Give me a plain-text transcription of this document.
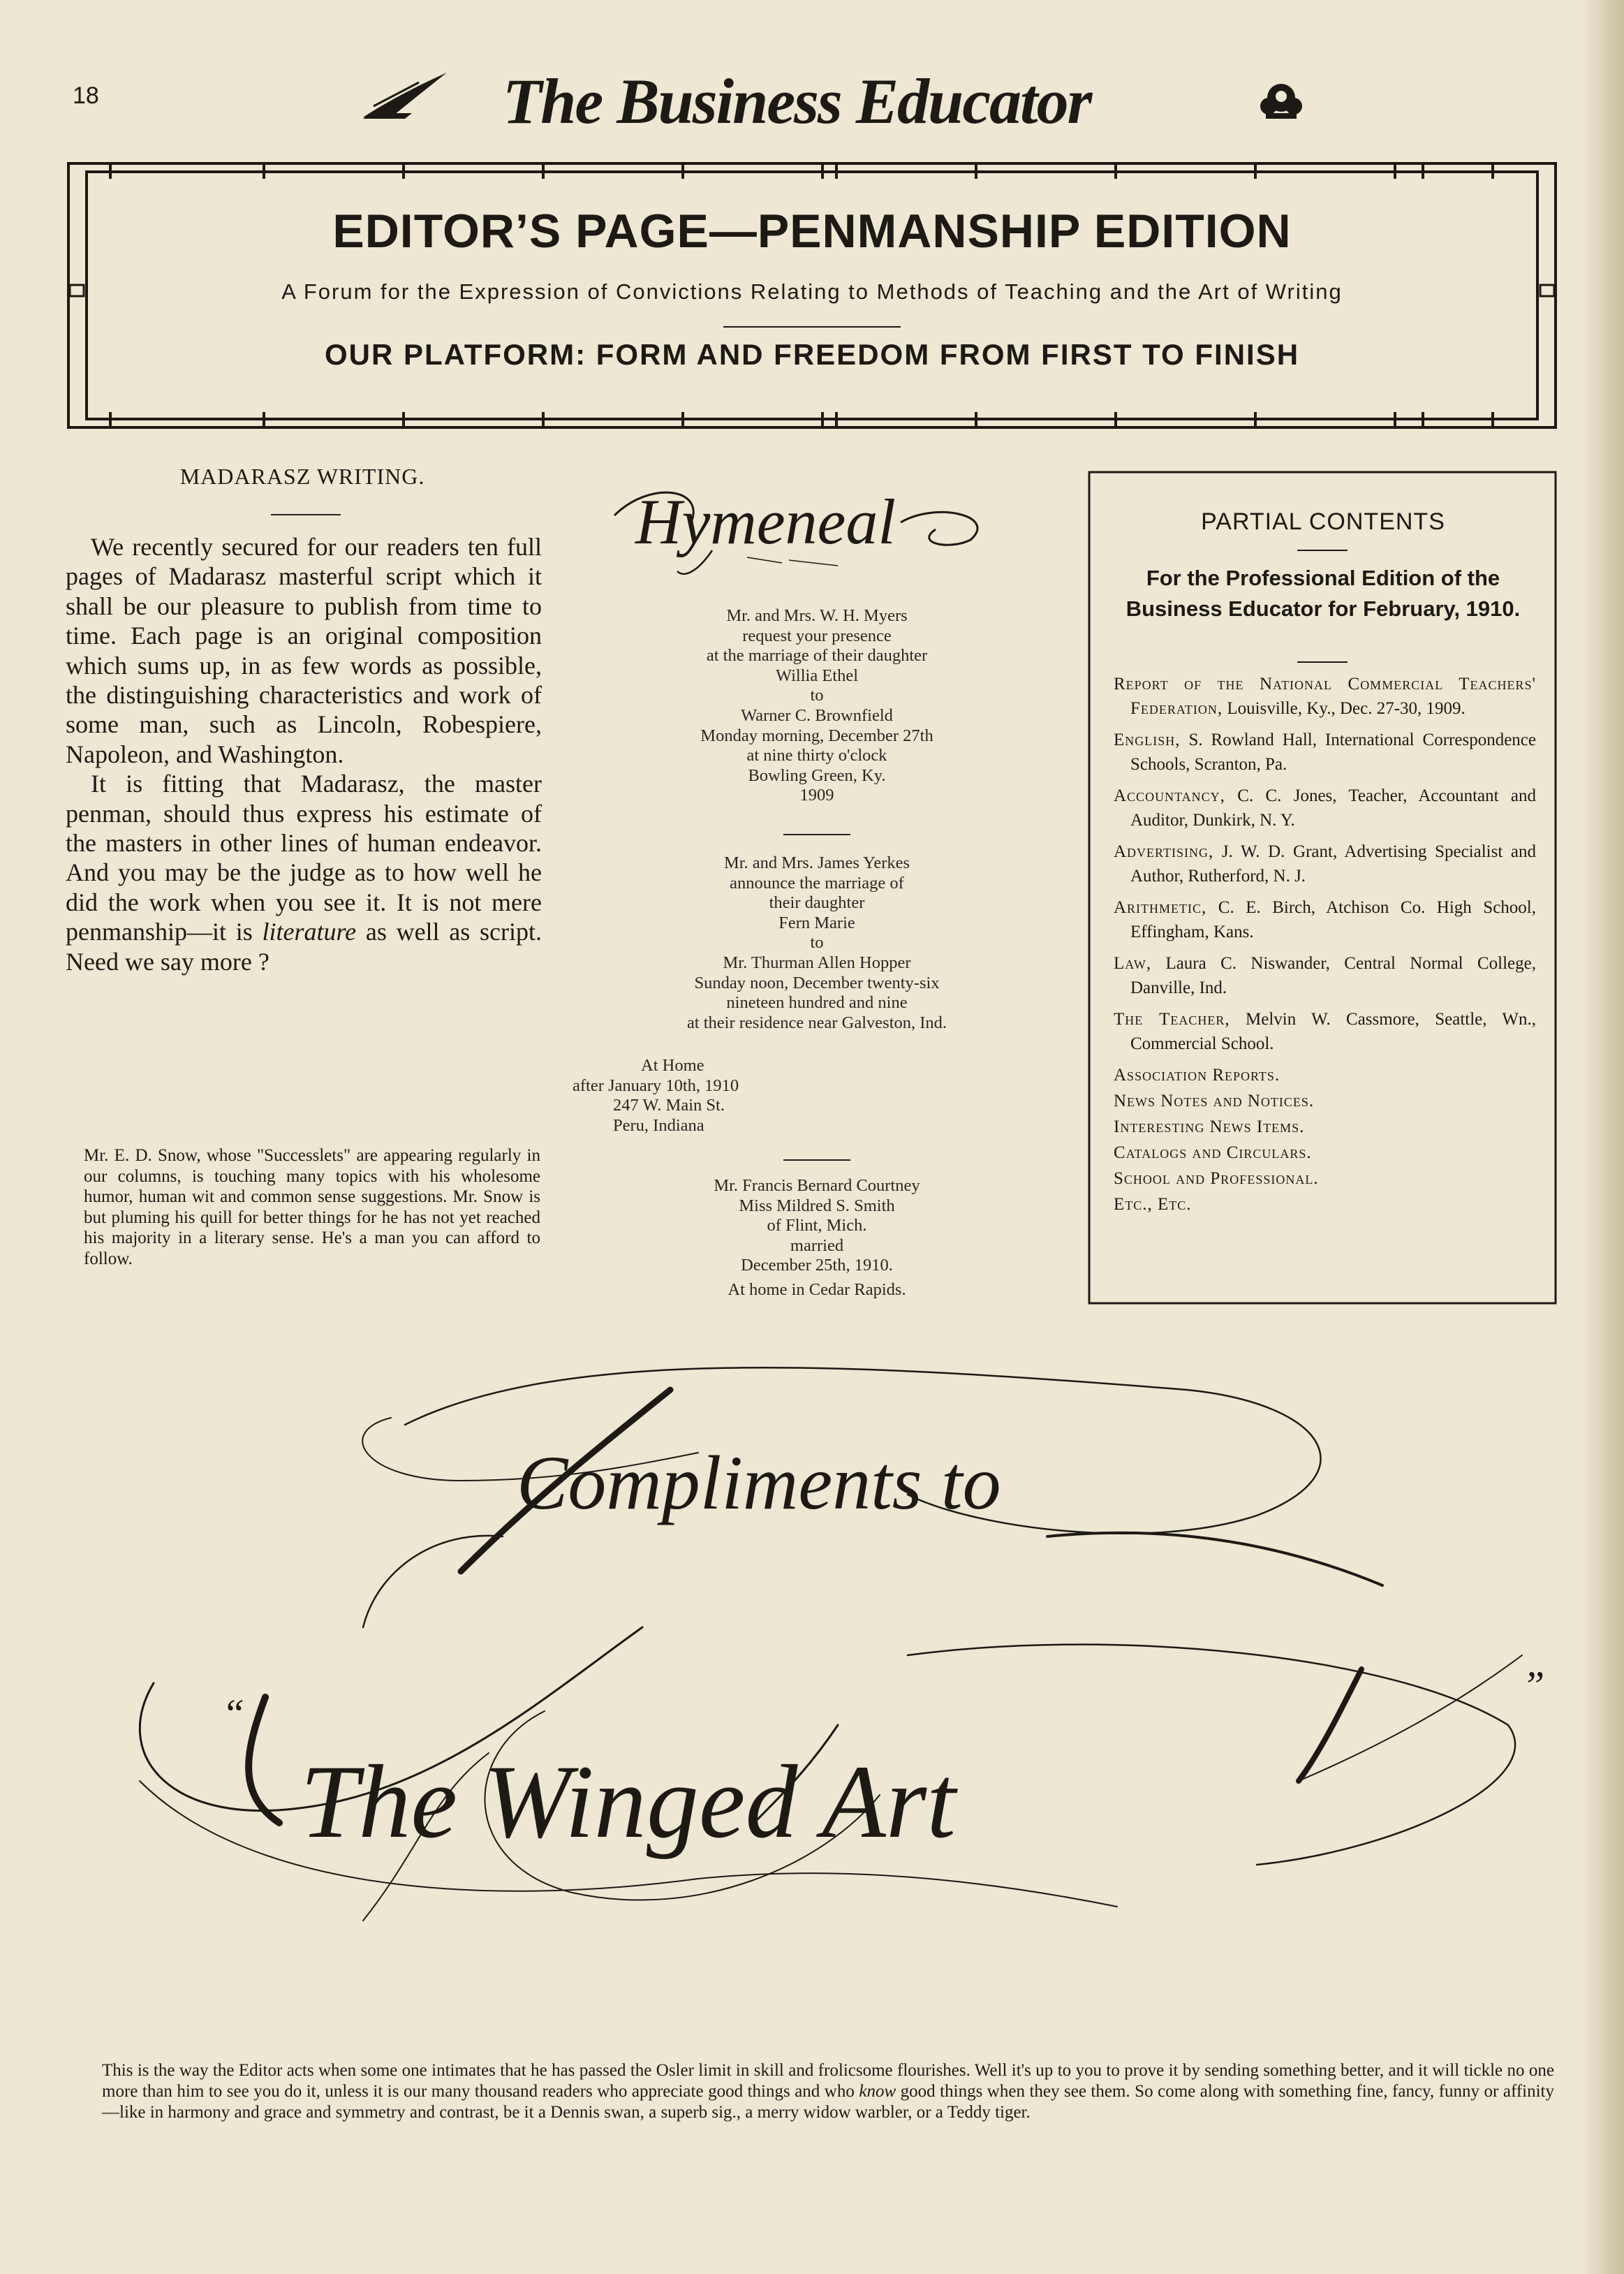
18	The Business Educator
EDITOR’S PAGE—PENMANSHIP EDITION
A Forum for the Expression of Convictions Relating to Methods of Teaching and the Art of Writing
OUR PLATFORM: FORM AND FREEDOM FROM FIRST TO FINISH
MADARASZ WRITING.

We recently secured for our readers ten full pages of Madarasz masterful script which it shall be our pleasure to publish from time to time. Each page is an original composition which sums up, in as few words as possible, the distinguishing characteristics and work of some man, such as Lincoln, Robespiere, Napoleon, and Washington.

It is fitting that Madarasz, the master penman, should thus express his estimate of the masters in other lines of human endeavor. And you may be the judge as to how well he did the work when you see it. It is not mere penmanship—it is literature as well as script. Need we say more ?

Mr. E. D. Snow, whose "Successlets" are appearing regularly in our columns, is touching many topics with his wholesome humor, human wit and common sense suggestions. Mr. Snow is but pluming his quill for better things for he has not yet reached his majority in a literary sense. He's a man you can afford to follow.
Hymeneal
Mr. and Mrs. W. H. Myers
request your presence
at the marriage of their daughter
Willia Ethel
to
Warner C. Brownfield
Monday morning, December 27th
at nine thirty o'clock
Bowling Green, Ky.
1909
Mr. and Mrs. James Yerkes
announce the marriage of
their daughter
Fern Marie
to
Mr. Thurman Allen Hopper
Sunday noon, December twenty-six
nineteen hundred and nine
at their residence near Galveston, Ind.
At Home
after January 10th, 1910
247 W. Main St.
Peru, Indiana
Mr. Francis Bernard Courtney
Miss Mildred S. Smith
of Flint, Mich.
married
December 25th, 1910.
At home in Cedar Rapids.
PARTIAL CONTENTS
For the Professional Edition of the Business Educator for February, 1910.
Report of the National Commercial Teachers' Federation, Louisville, Ky., Dec. 27-30, 1909.
English, S. Rowland Hall, International Correspondence Schools, Scranton, Pa.
Accountancy, C. C. Jones, Teacher, Accountant and Auditor, Dunkirk, N. Y.
Advertising, J. W. D. Grant, Advertising Specialist and Author, Rutherford, N. J.
Arithmetic, C. E. Birch, Atchison Co. High School, Effingham, Kans.
Law, Laura C. Niswander, Central Normal College, Danville, Ind.
The Teacher, Melvin W. Cassmore, Seattle, Wn., Commercial School.
Association Reports.
News Notes and Notices.
Interesting News Items.
Catalogs and Circulars.
School and Professional.
Etc., Etc.
Compliments to
The Winged Art
“
”
This is the way the Editor acts when some one intimates that he has passed the Osler limit in skill and frolicsome flourishes. Well it's up to you to prove it by sending something better, and it will tickle no one more than him to see you do it, unless it is our many thousand readers who appreciate good things and who know good things when they see them. So come along with something fine, fancy, funny or affinity—like in harmony and grace and symmetry and contrast, be it a Dennis swan, a superb sig., a merry widow warbler, or a Teddy tiger.
